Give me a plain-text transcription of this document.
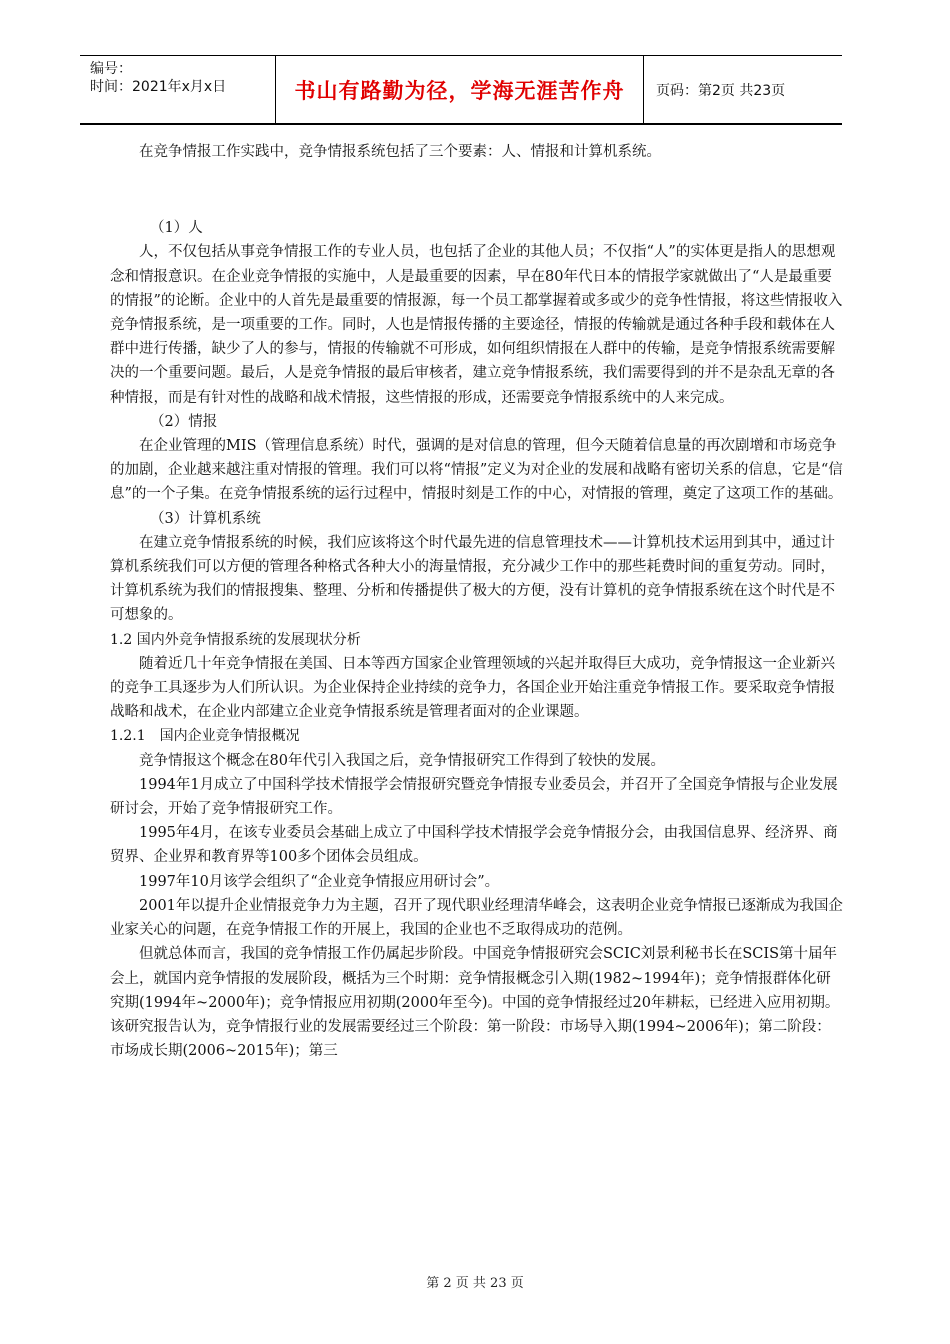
编号：
时间：2021年x月x日	书山有路勤为径，学海无涯苦作舟	页码：第2页 共23页

在竞争情报工作实践中，竞争情报系统包括了三个要素：人、情报和计算机系统。

（1）人

人，不仅包括从事竞争情报工作的专业人员，也包括了企业的其他人员；不仅指“人”的实体更是指人的思想观念和情报意识。在企业竞争情报的实施中，人是最重要的因素，早在80年代日本的情报学家就做出了“人是最重要的情报”的论断。企业中的人首先是最重要的情报源，每一个员工都掌握着或多或少的竞争性情报，将这些情报收入竞争情报系统，是一项重要的工作。同时，人也是情报传播的主要途径，情报的传输就是通过各种手段和载体在人群中进行传播，缺少了人的参与，情报的传输就不可形成，如何组织情报在人群中的传输，是竞争情报系统需要解决的一个重要问题。最后，人是竞争情报的最后审核者，建立竞争情报系统，我们需要得到的并不是杂乱无章的各种情报，而是有针对性的战略和战术情报，这些情报的形成，还需要竞争情报系统中的人来完成。

（2）情报

在企业管理的MIS（管理信息系统）时代，强调的是对信息的管理，但今天随着信息量的再次剧增和市场竞争的加剧，企业越来越注重对情报的管理。我们可以将“情报”定义为对企业的发展和战略有密切关系的信息，它是“信息”的一个子集。在竞争情报系统的运行过程中，情报时刻是工作的中心，对情报的管理，奠定了这项工作的基础。

（3）计算机系统

在建立竞争情报系统的时候，我们应该将这个时代最先进的信息管理技术——计算机技术运用到其中，通过计算机系统我们可以方便的管理各种格式各种大小的海量情报，充分减少工作中的那些耗费时间的重复劳动。同时，计算机系统为我们的情报搜集、整理、分析和传播提供了极大的方便，没有计算机的竞争情报系统在这个时代是不可想象的。

1.2 国内外竞争情报系统的发展现状分析

随着近几十年竞争情报在美国、日本等西方国家企业管理领域的兴起并取得巨大成功，竞争情报这一企业新兴的竞争工具逐步为人们所认识。为企业保持企业持续的竞争力，各国企业开始注重竞争情报工作。要采取竞争情报战略和战术，在企业内部建立企业竞争情报系统是管理者面对的企业课题。

1.2.1　国内企业竞争情报概况

竞争情报这个概念在80年代引入我国之后，竞争情报研究工作得到了较快的发展。

1994年1月成立了中国科学技术情报学会情报研究暨竞争情报专业委员会，并召开了全国竞争情报与企业发展研讨会，开始了竞争情报研究工作。

1995年4月，在该专业委员会基础上成立了中国科学技术情报学会竞争情报分会，由我国信息界、经济界、商贸界、企业界和教育界等100多个团体会员组成。

1997年10月该学会组织了“企业竞争情报应用研讨会”。

2001年以提升企业情报竞争力为主题，召开了现代职业经理清华峰会，这表明企业竞争情报已逐渐成为我国企业家关心的问题，在竞争情报工作的开展上，我国的企业也不乏取得成功的范例。

但就总体而言，我国的竞争情报工作仍属起步阶段。中国竞争情报研究会SCIC刘景利秘书长在SCIS第十届年会上，就国内竞争情报的发展阶段，概括为三个时期：竞争情报概念引入期(1982~1994年)；竞争情报群体化研究期(1994年~2000年)；竞争情报应用初期(2000年至今)。中国的竞争情报经过20年耕耘，已经进入应用初期。该研究报告认为，竞争情报行业的发展需要经过三个阶段：第一阶段：市场导入期(1994~2006年)；第二阶段：市场成长期(2006~2015年)；第三

第 2 页 共 23 页
